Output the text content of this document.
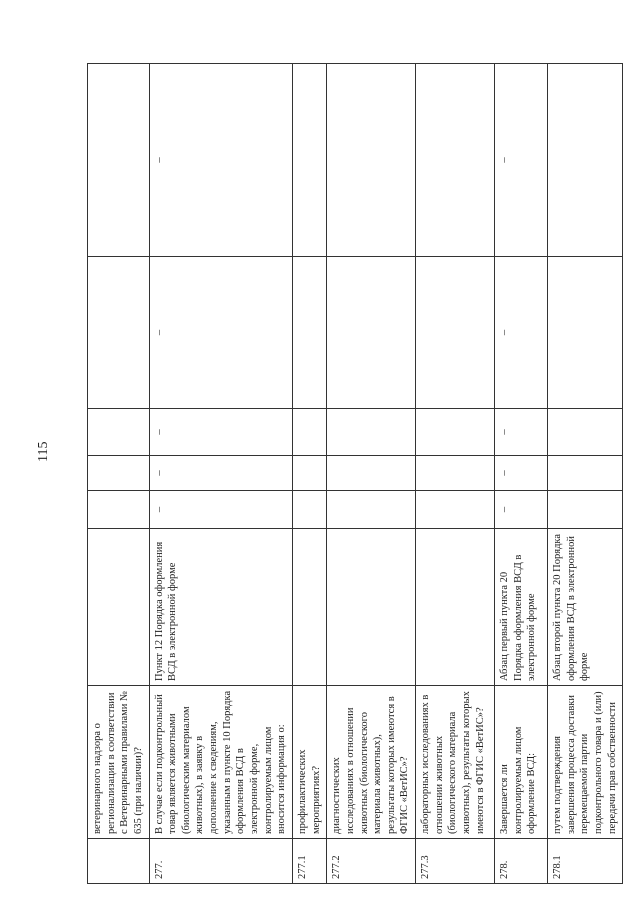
115
	ветеринарного надзора о регионализации в соответствии с Ветеринарными правилами № 635 (при наличии)?						
277.	В случае если подконтрольный товар является животными (биологическим материалом животных), в заявку в дополнение к сведениям, указанным в пункте 10 Порядка оформления ВСД в электронной форме, контролируемым лицом вносится информация о:	Пункт 12 Порядка оформления ВСД в электронной форме	–	–	–	–	–
277.1	профилактических мероприятиях?						
277.2	диагностических исследованиях в отношении животных (биологического материала животных), результаты которых имеются в ФГИС «ВетИС»?						
277.3	лабораторных исследованиях в отношении животных (биологического материала животных), результаты которых имеются в ФГИС «ВетИС»?						
278.	Завершается ли контролируемым лицом оформление ВСД:	Абзац первый пункта 20 Порядка оформления ВСД в электронной форме	–	–	–	–	–
278.1	путем подтверждения завершения процесса доставки перемещаемой партии подконтрольного товара и (или) передачи прав собственности	Абзац второй пункта 20 Порядка оформления ВСД в электронной форме					
